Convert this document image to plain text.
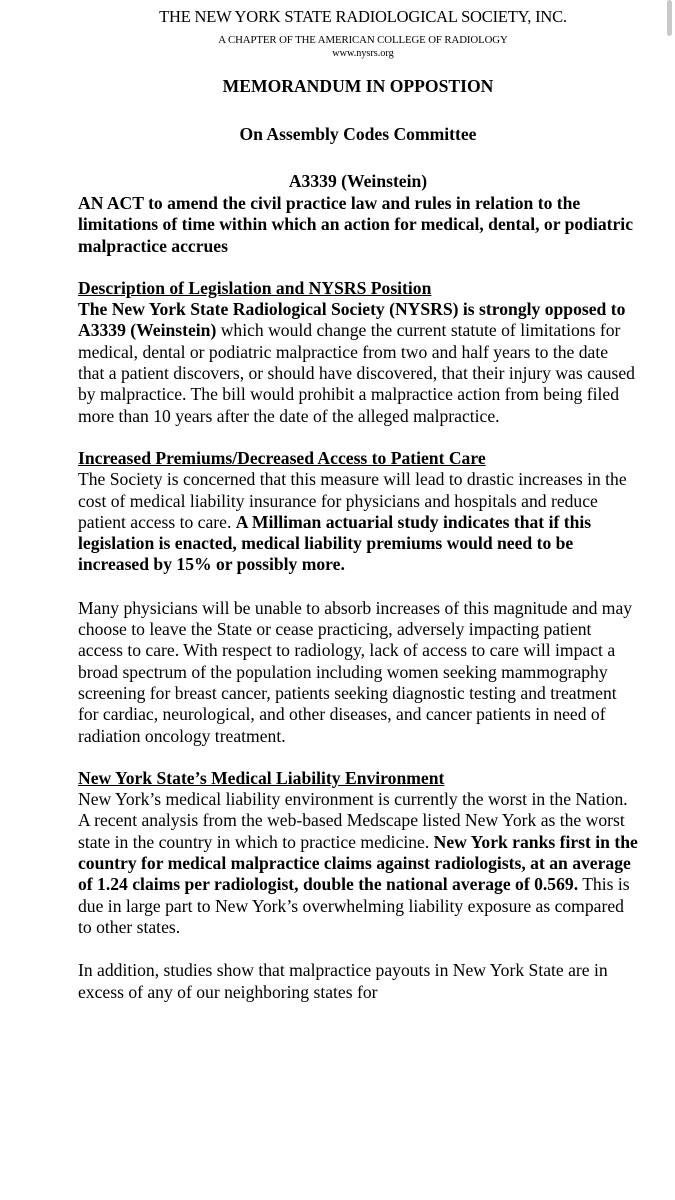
THE NEW YORK STATE RADIOLOGICAL SOCIETY, INC.
A CHAPTER OF THE AMERICAN COLLEGE OF RADIOLOGY
www.nysrs.org
MEMORANDUM IN OPPOSTION
On Assembly Codes Committee
A3339 (Weinstein)
AN ACT to amend the civil practice law and rules in relation to the limitations of time within which an action for medical, dental, or podiatric malpractice accrues
Description of Legislation and NYSRS Position

The New York State Radiological Society (NYSRS) is strongly opposed to A3339 (Weinstein) which would change the current statute of limitations for medical, dental or podiatric malpractice from two and half years to the date that a patient discovers, or should have discovered, that their injury was caused by malpractice. The bill would prohibit a malpractice action from being filed more than 10 years after the date of the alleged malpractice.

Increased Premiums/Decreased Access to Patient Care

The Society is concerned that this measure will lead to drastic increases in the cost of medical liability insurance for physicians and hospitals and reduce patient access to care. A Milliman actuarial study indicates that if this legislation is enacted, medical liability premiums would need to be increased by 15% or possibly more.

Many physicians will be unable to absorb increases of this magnitude and may choose to leave the State or cease practicing, adversely impacting patient access to care. With respect to radiology, lack of access to care will impact a broad spectrum of the population including women seeking mammography screening for breast cancer, patients seeking diagnostic testing and treatment for cardiac, neurological, and other diseases, and cancer patients in need of radiation oncology treatment.

New York State’s Medical Liability Environment

New York’s medical liability environment is currently the worst in the Nation. A recent analysis from the web-based Medscape listed New York as the worst state in the country in which to practice medicine. New York ranks first in the country for medical malpractice claims against radiologists, at an average of 1.24 claims per radiologist, double the national average of 0.569. This is due in large part to New York’s overwhelming liability exposure as compared to other states.

In addition, studies show that malpractice payouts in New York State are in excess of any of our neighboring states for
